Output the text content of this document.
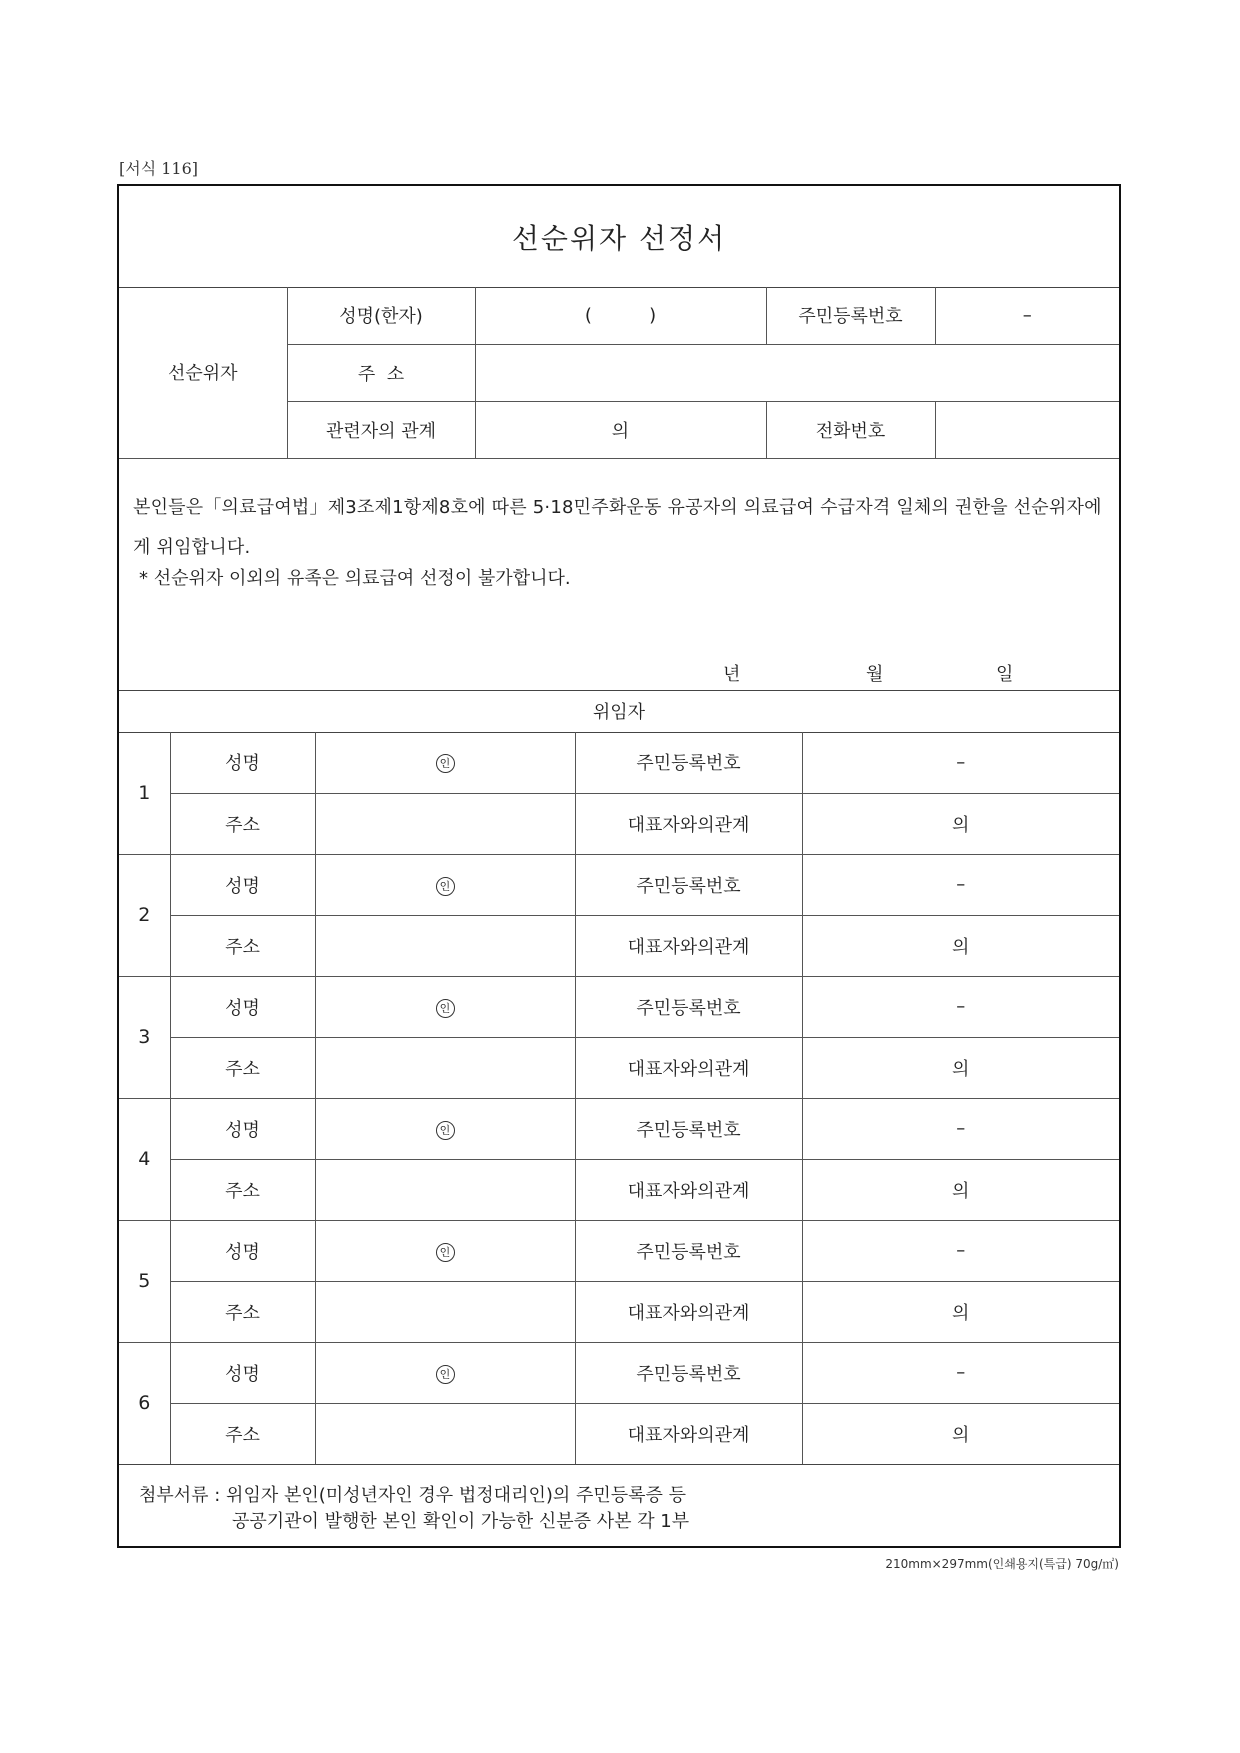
[서식 116]
선순위자 선정서
선순위자	성명(한자)	(          )	주민등록번호	–
	주  소			
	관련자의 관계	의	전화번호	
본인들은「의료급여법」제3조제1항제8호에 따른 5·18민주화운동 유공자의 의료급여 수급자격 일체의 권한을 선순위자에게 위임합니다.
* 선순위자 이외의 유족은 의료급여 선정이 불가합니다.
년	월	일
위임자
1	성명	인	주민등록번호	–
	주소		대표자와의관계	의
2	성명	인	주민등록번호	–
	주소		대표자와의관계	의
3	성명	인	주민등록번호	–
	주소		대표자와의관계	의
4	성명	인	주민등록번호	–
	주소		대표자와의관계	의
5	성명	인	주민등록번호	–
	주소		대표자와의관계	의
6	성명	인	주민등록번호	–
	주소		대표자와의관계	의
첨부서류 : 위임자 본인(미성년자인 경우 법정대리인)의 주민등록증 등
공공기관이 발행한 본인 확인이 가능한 신분증 사본 각 1부
210mm×297mm(인쇄용지(특급) 70g/㎡)
